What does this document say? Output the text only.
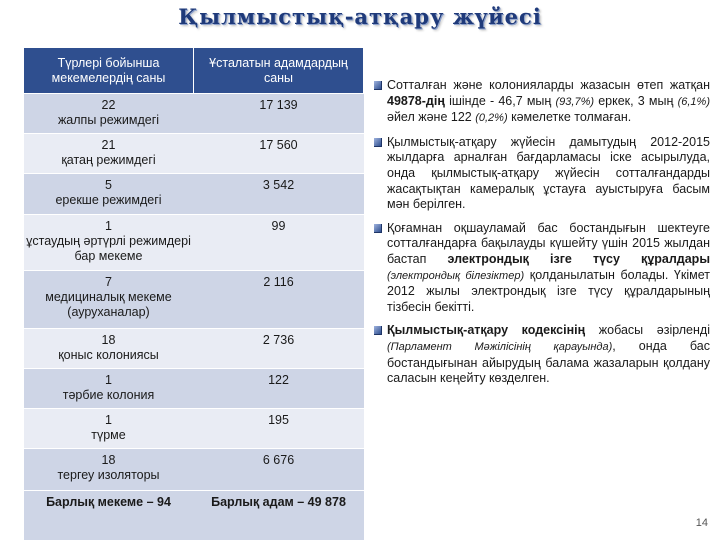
Қылмыстық-атқару жүйесі
Түрлері бойынша мекемелердің саны	Ұсталатын адамдардың саны

22
жалпы режимдегі	17 139

21
қатаң режимдегі	17 560

5
ерекше режимдегі	3 542

1
ұстаудың әртүрлі режимдері бар мекеме	99

7
медициналық мекеме (ауруханалар)	2 116

18
қоныс колониясы	2 736

1
тәрбие колония	122

1
түрме	195

18
тергеу изоляторы	6 676
Барлық мекеме – 94	Барлық адам – 49 878
Сотталған және колонияларды жазасын өтеп жатқан 49878-дің ішінде - 46,7 мың (93,7%) еркек, 3 мың (6,1%) әйел және 122 (0,2%) кәмелетке толмаған.
Қылмыстық-атқару жүйесін дамытудың 2012-2015 жылдарға арналған бағдарламасы іске асырылуда, онда қылмыстық-атқару жүйесін сотталғандарды жасақтықтан камералық ұстауға ауыстыруға басым мән берілген.
Қоғамнан оқшауламай бас бостандығын шектеуге сотталғандарға бақылауды күшейту үшін 2015 жылдан бастап электрондық ізге түсу құралдары (электрондық білезіктер) қолданылатын болады. Үкімет 2012 жылы электрондық ізге түсу құралдарының тізбесін бекітті.
Қылмыстық-атқару кодексінің жобасы әзірленді (Парламент Мәжілісінің қарауында), онда бас бостандығынан айырудың балама жазаларын қолдану саласын кеңейту көзделген.
14
